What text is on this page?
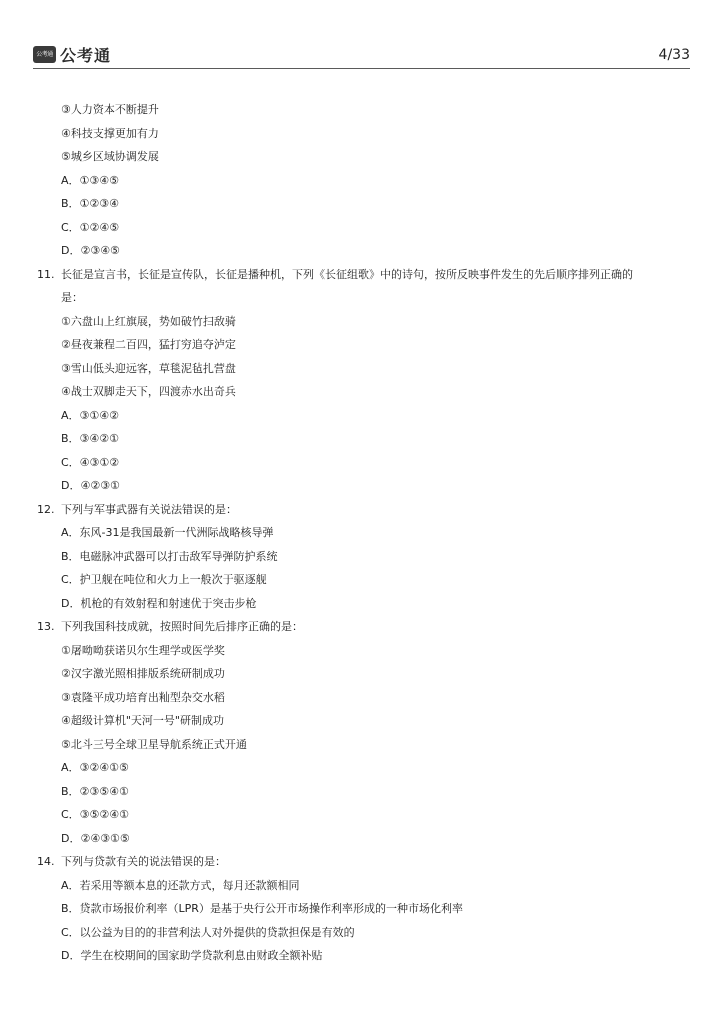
公考通 公考通	4/33
③人力资本不断提升
④科技支撑更加有力
⑤城乡区域协调发展
A．①③④⑤
B．①②③④
C．①②④⑤
D．②③④⑤
11. 长征是宣言书，长征是宣传队，长征是播种机，下列《长征组歌》中的诗句，按所反映事件发生的先后顺序排列正确的
是：
①六盘山上红旗展，势如破竹扫敌骑
②昼夜兼程二百四，猛打穷追夺泸定
③雪山低头迎远客，草毯泥毡扎营盘
④战士双脚走天下，四渡赤水出奇兵
A．③①④②
B．③④②①
C．④③①②
D．④②③①
12. 下列与军事武器有关说法错误的是：
A．东风-31是我国最新一代洲际战略核导弹
B．电磁脉冲武器可以打击敌军导弹防护系统
C．护卫舰在吨位和火力上一般次于驱逐舰
D．机枪的有效射程和射速优于突击步枪
13. 下列我国科技成就，按照时间先后排序正确的是：
①屠呦呦获诺贝尔生理学或医学奖
②汉字激光照相排版系统研制成功
③袁隆平成功培育出籼型杂交水稻
④超级计算机"天河一号"研制成功
⑤北斗三号全球卫星导航系统正式开通
A．③②④①⑤
B．②③⑤④①
C．③⑤②④①
D．②④③①⑤
14. 下列与贷款有关的说法错误的是：
A．若采用等额本息的还款方式，每月还款额相同
B．贷款市场报价利率（LPR）是基于央行公开市场操作利率形成的一种市场化利率
C．以公益为目的的非营利法人对外提供的贷款担保是有效的
D．学生在校期间的国家助学贷款利息由财政全额补贴
